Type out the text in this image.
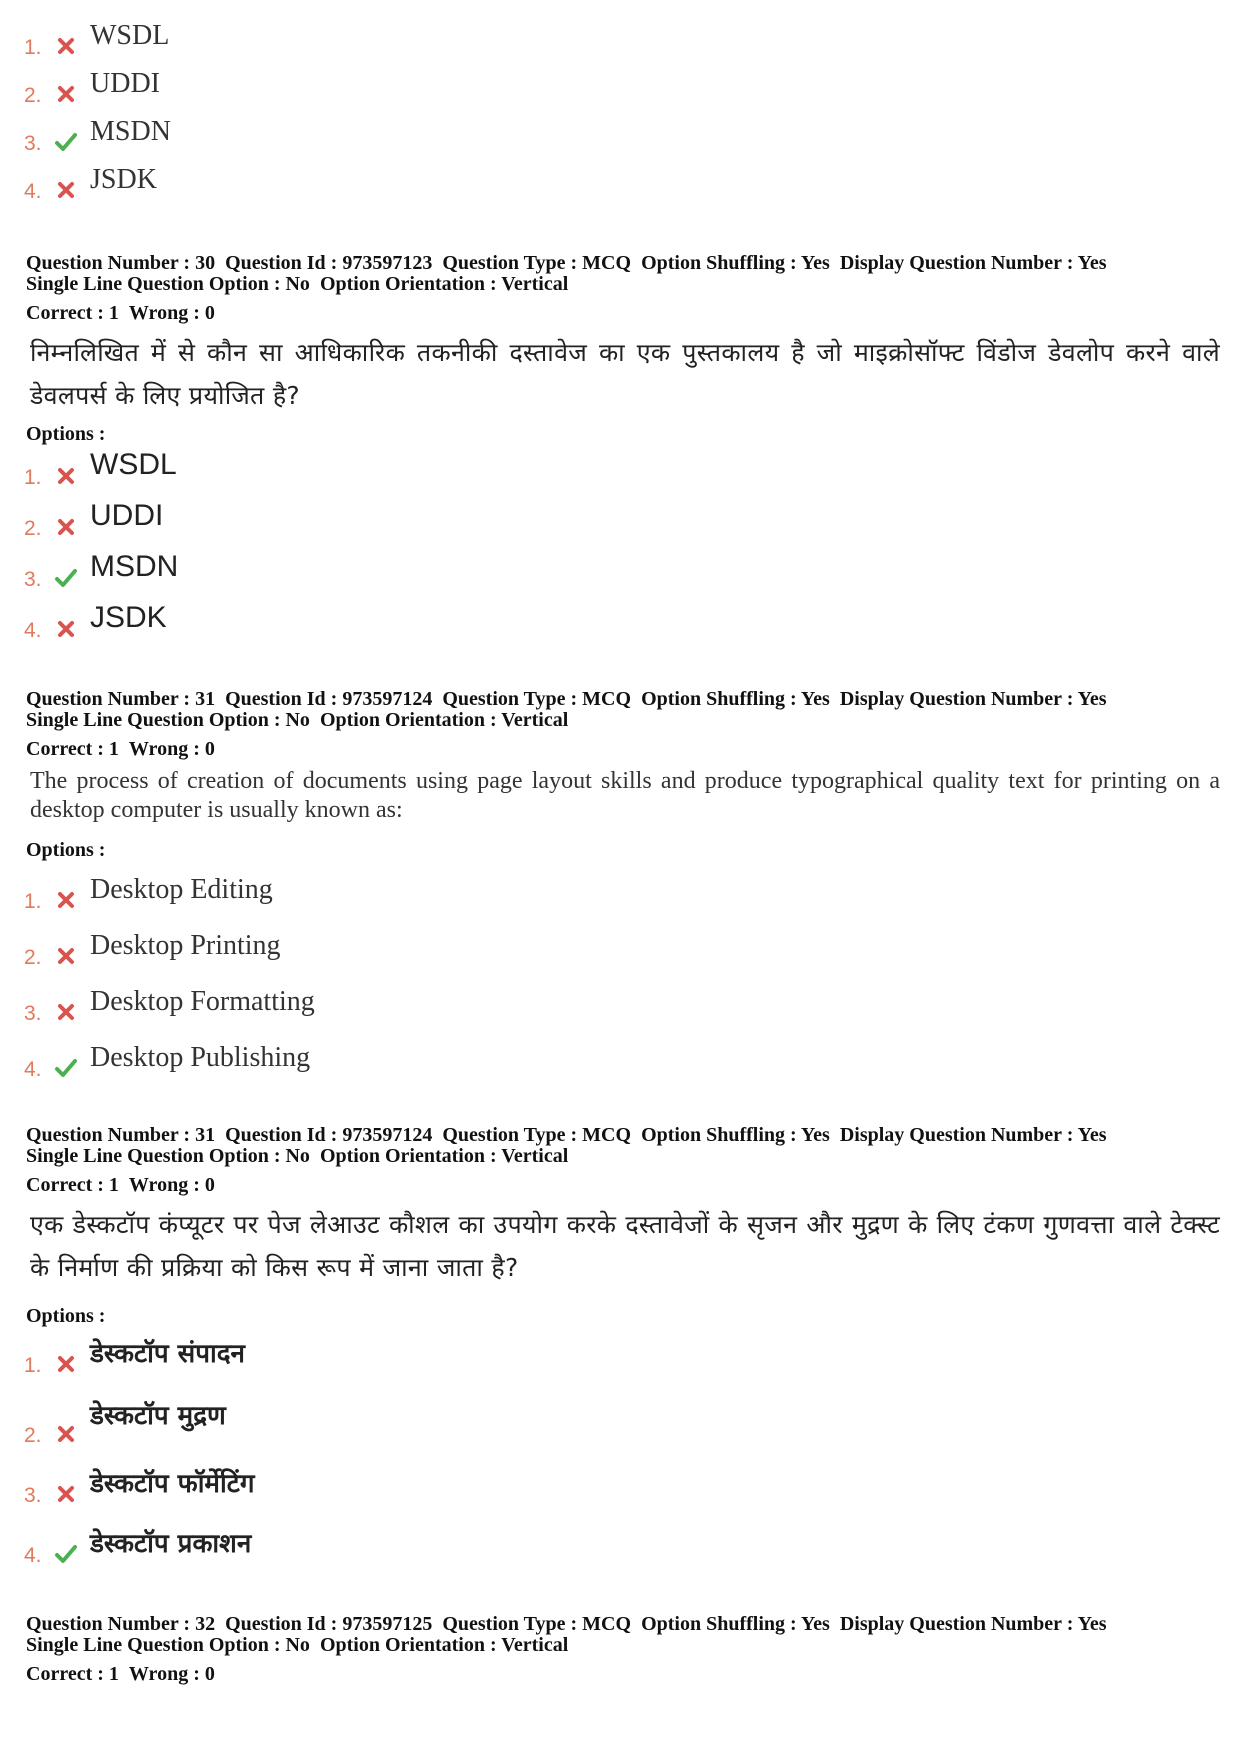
1. WSDL
2. UDDI
3. MSDN
4. JSDK
Question Number : 30 Question Id : 973597123 Question Type : MCQ Option Shuffling : Yes Display Question Number : Yes
Single Line Question Option : No Option Orientation : Vertical
Correct : 1 Wrong : 0
निम्नलिखित में से कौन सा आधिकारिक तकनीकी दस्तावेज का एक पुस्तकालय है जो माइक्रोसॉफ्ट विंडोज डेवलोप करने वाले डेवलपर्स के लिए प्रयोजित है?
Options :
1. WSDL
2. UDDI
3. MSDN
4. JSDK
Question Number : 31 Question Id : 973597124 Question Type : MCQ Option Shuffling : Yes Display Question Number : Yes
Single Line Question Option : No Option Orientation : Vertical
Correct : 1 Wrong : 0
The process of creation of documents using page layout skills and produce typographical quality text for printing on a desktop computer is usually known as:
Options :
1. Desktop Editing
2. Desktop Printing
3. Desktop Formatting
4. Desktop Publishing
Question Number : 31 Question Id : 973597124 Question Type : MCQ Option Shuffling : Yes Display Question Number : Yes
Single Line Question Option : No Option Orientation : Vertical
Correct : 1 Wrong : 0
एक डेस्कटॉप कंप्यूटर पर पेज लेआउट कौशल का उपयोग करके दस्तावेजों के सृजन और मुद्रण के लिए टंकण गुणवत्ता वाले टेक्स्ट के निर्माण की प्रक्रिया को किस रूप में जाना जाता है?
Options :
1. डेस्कटॉप संपादन
2.
डेस्कटॉप मुद्रण
3. डेस्कटॉप फॉर्मेटिंग
4. डेस्कटॉप प्रकाशन
Question Number : 32 Question Id : 973597125 Question Type : MCQ Option Shuffling : Yes Display Question Number : Yes
Single Line Question Option : No Option Orientation : Vertical
Correct : 1 Wrong : 0
